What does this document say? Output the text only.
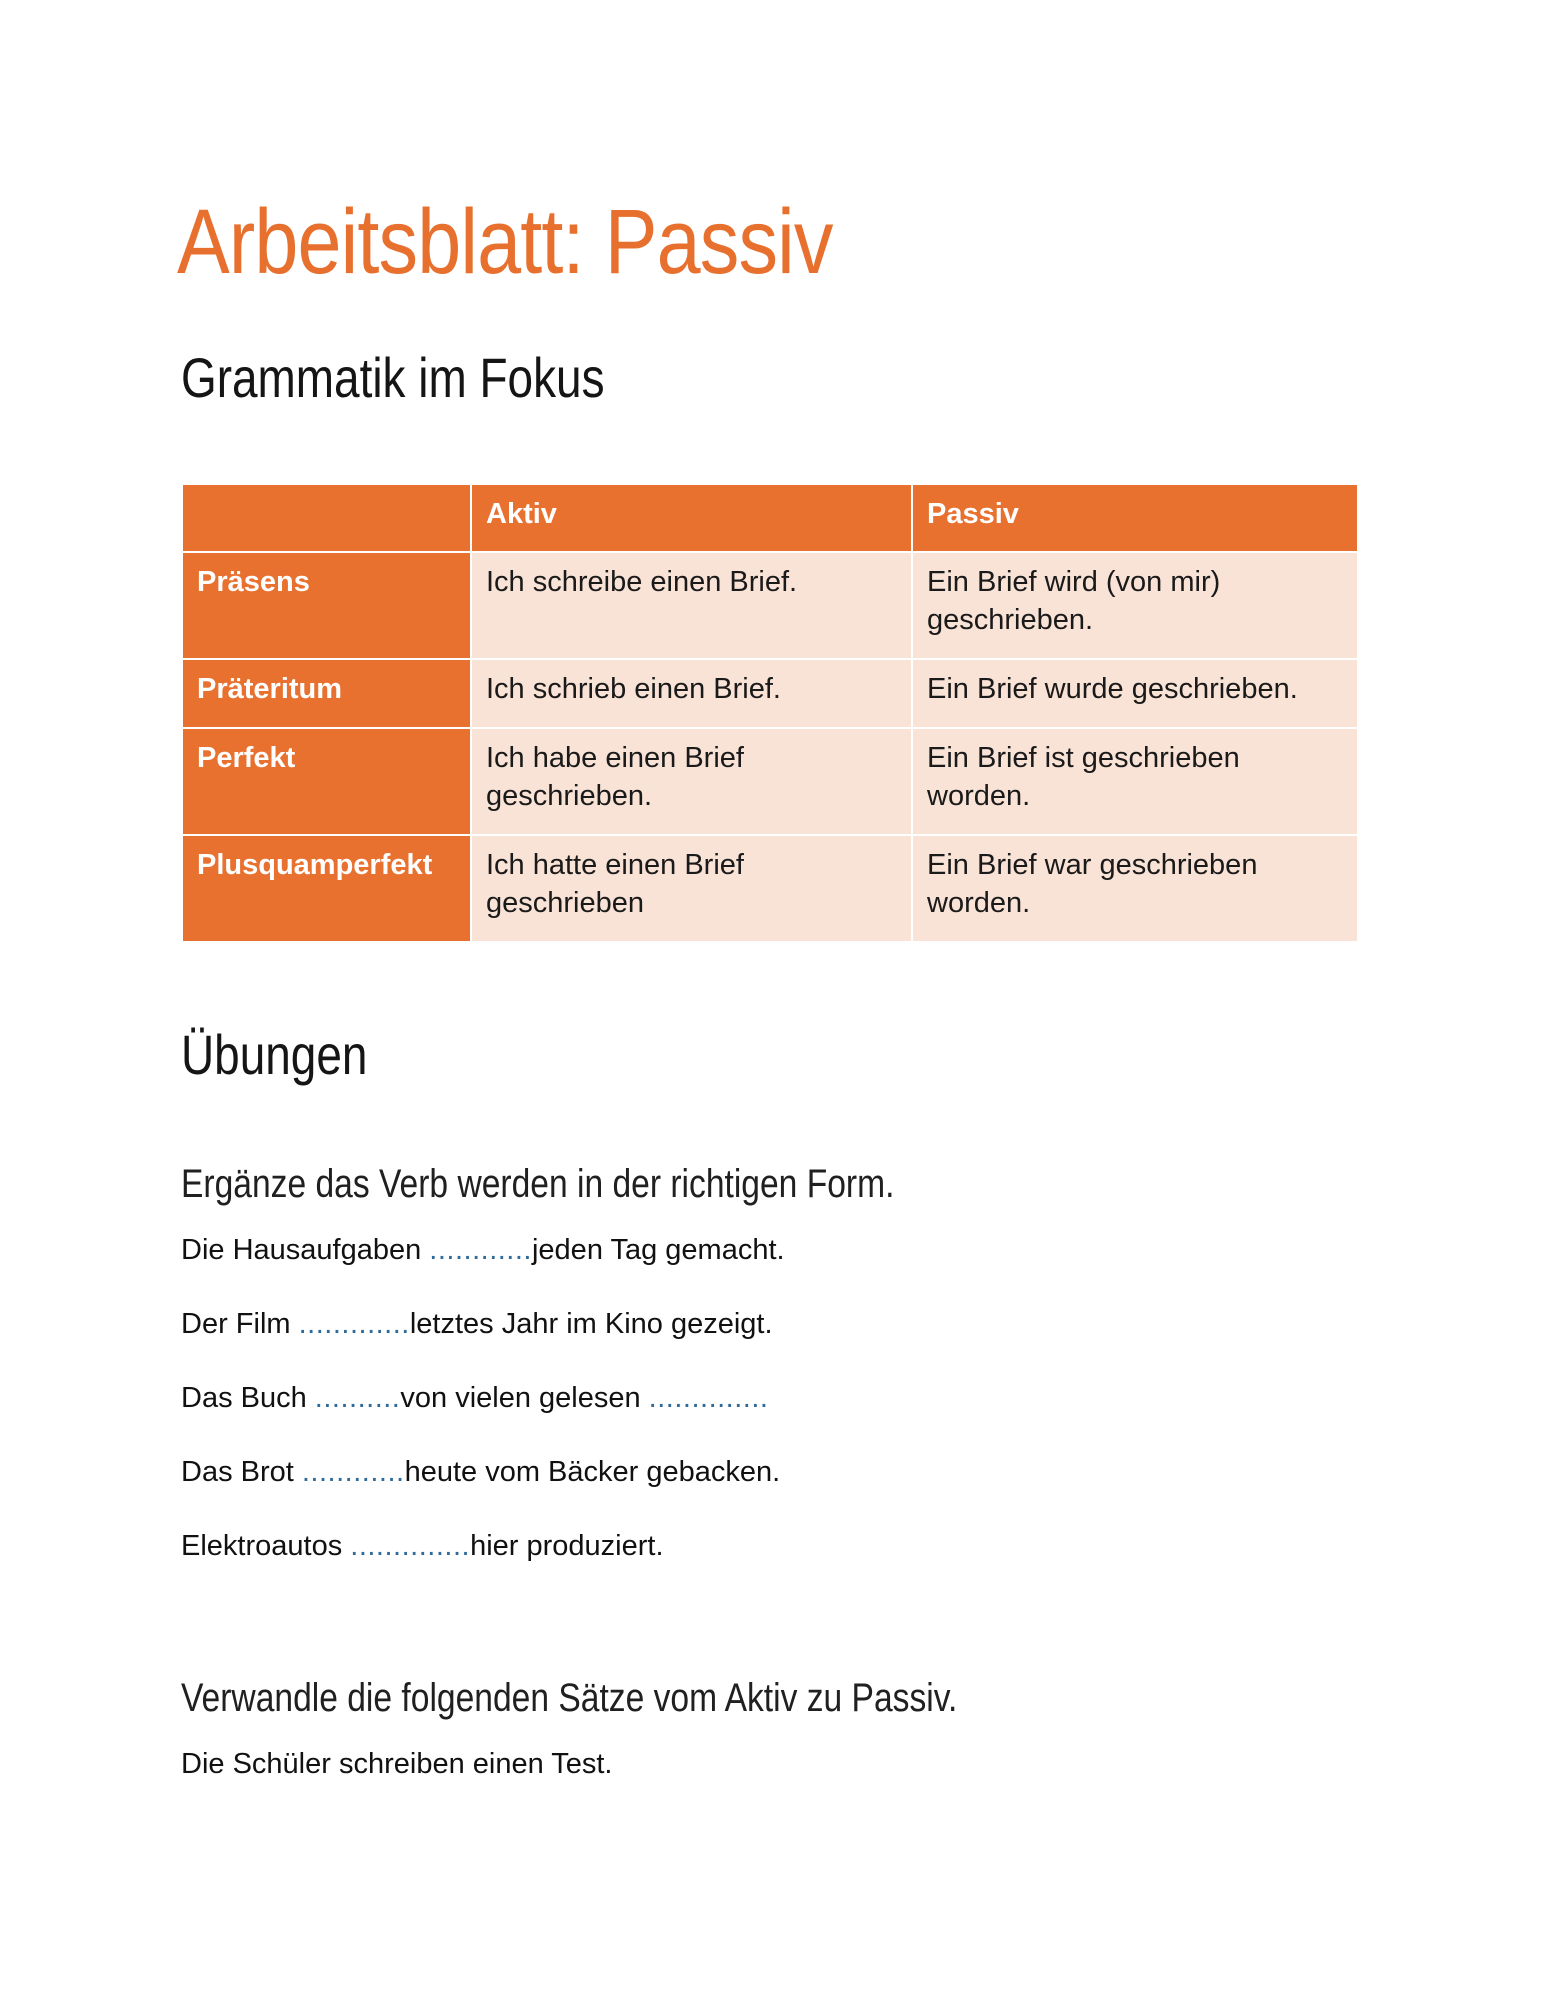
Arbeitsblatt: Passiv
Grammatik im Fokus
	Aktiv	Passiv
Präsens	Ich schreibe einen Brief.	Ein Brief wird (von mir) geschrieben.
Präteritum	Ich schrieb einen Brief.	Ein Brief wurde geschrieben.
Perfekt	Ich habe einen Brief geschrieben.	Ein Brief ist geschrieben worden.
Plusquamperfekt	Ich hatte einen Brief geschrieben	Ein Brief war geschrieben worden.
Übungen
Ergänze das Verb werden in der richtigen Form.

Die Hausaufgaben ............jeden Tag gemacht.

Der Film .............letztes Jahr im Kino gezeigt.

Das Buch ..........von vielen gelesen ..............

Das Brot ............heute vom Bäcker gebacken.

Elektroautos ..............hier produziert.

Verwandle die folgenden Sätze vom Aktiv zu Passiv.

Die Schüler schreiben einen Test.
